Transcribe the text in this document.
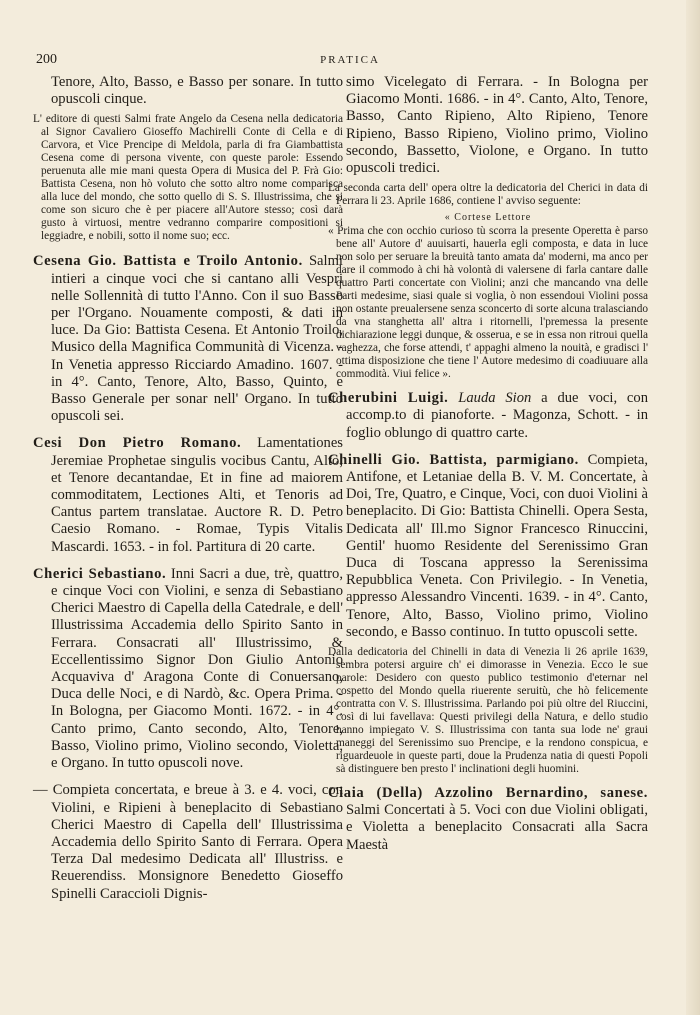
200	PRATICA

Tenore, Alto, Basso, e Basso per sonare. In tutto opuscoli cinque.

L' editore di questi Salmi frate Angelo da Cesena nella dedicatoria al Signor Cavaliero Gioseffo Machirelli Conte di Cella e di Carvora, et Vice Prencipe di Meldola, parla di fra Giambattista Cesena come di persona vivente, con queste parole: Essendo peruenuta alle mie mani questa Opera di Musica del P. Frà Gio: Battista Cesena, non hò voluto che sotto altro nome comparisca alla luce del mondo, che sotto quello di S. S. Illustrissima, che si come son sicuro che è per piacere all'Autore stesso; così darà gusto à virtuosi, mentre vedranno comparire compositioni si leggiadre, e nobili, sotto il nome suo; ecc.

Cesena Gio. Battista e Troilo Antonio. Salmi intieri a cinque voci che si cantano alli Vespri nelle Sollennità di tutto l'Anno. Con il suo Basso per l'Organo. Nouamente composti, & dati in luce. Da Gio: Battista Cesena. Et Antonio Troilo, Musico della Magnifica Communità di Vicenza. - In Venetia appresso Ricciardo Amadino. 1607. - in 4°. Canto, Tenore, Alto, Basso, Quinto, e Basso Generale per sonar nell' Organo. In tutto opuscoli sei.

Cesi Don Pietro Romano. Lamentationes Jeremiae Prophetae singulis vocibus Cantu, Alto, et Tenore decantandae, Et in fine ad maiorem commoditatem, Lectiones Alti, et Tenoris ad Cantus partem translatae. Auctore R. D. Petro Caesio Romano. - Romae, Typis Vitalis Mascardi. 1653. - in fol. Partitura di 20 carte.

Cherici Sebastiano. Inni Sacri a due, trè, quattro, e cinque Voci con Violini, e senza di Sebastiano Cherici Maestro di Capella della Catedrale, e dell' Illustrissima Accademia dello Spirito Santo in Ferrara. Consacrati all' Illustrissimo, & Eccellentissimo Signor Don Giulio Antonio Acquaviva d' Aragona Conte di Conuersano, Duca delle Noci, e di Nardò, &c. Opera Prima. - In Bologna, per Giacomo Monti. 1672. - in 4°. Canto primo, Canto secondo, Alto, Tenore, Basso, Violino primo, Violino secondo, Violetta, e Organo. In tutto opuscoli nove.

— Compieta concertata, e breue à 3. e 4. voci, con Violini, e Ripieni à beneplacito di Sebastiano Cherici Maestro di Capella dell' Illustrissima Accademia dello Spirito Santo di Ferrara. Opera Terza Dal medesimo Dedicata all' Illustriss. e Reuerendiss. Monsignore Benedetto Gioseffo Spinelli Caraccioli Dignis-

simo Vicelegato di Ferrara. - In Bologna per Giacomo Monti. 1686. - in 4°. Canto, Alto, Tenore, Basso, Canto Ripieno, Alto Ripieno, Tenore Ripieno, Basso Ripieno, Violino primo, Violino secondo, Bassetto, Violone, e Organo. In tutto opuscoli tredici.

La seconda carta dell' opera oltre la dedicatoria del Cherici in data di Ferrara li 23. Aprile 1686, contiene l' avviso seguente:

« Cortese Lettore

« Prima che con occhio curioso tù scorra la presente Operetta è parso bene all' Autore d' auuisarti, hauerla egli composta, e data in luce non solo per seruare la breuità tanto amata da' moderni, ma anco per dare il commodo à chi hà volontà di valersene di farla cantare dalle quattro Parti concertate con Violini; anzi che mancando vna delle Parti medesime, siasi quale si voglia, ò non essendoui Violini possa non ostante preualersene senza sconcerto di sorte alcuna tralasciando da vna stanghetta all' altra i ritornelli, l'premessa la presente dichiarazione leggi dunque, & osserua, e se in essa non ritroui quella vaghezza, che forse attendi, t' appaghi almeno la nouità, e gradisci l' ottima disposizione che tiene l' Autore medesimo di coadiuuare alla commodità. Viui felice ».

Cherubini Luigi. Lauda Sion a due voci, con accomp.to di pianoforte. - Magonza, Schott. - in foglio oblungo di quattro carte.

Chinelli Gio. Battista, parmigiano. Compieta, Antifone, et Letaniae della B. V. M. Concertate, à Doi, Tre, Quatro, e Cinque, Voci, con duoi Violini à beneplacito. Di Gio: Battista Chinelli. Opera Sesta, Dedicata all' Ill.mo Signor Francesco Rinuccini, Gentil' huomo Residente del Serenissimo Gran Duca di Toscana appresso la Serenissima Repubblica Veneta. Con Privilegio. - In Venetia, appresso Alessandro Vincenti. 1639. - in 4°. Canto, Tenore, Alto, Basso, Violino primo, Violino secondo, e Basso continuo. In tutto opuscoli sette.

Dalla dedicatoria del Chinelli in data di Venezia li 26 aprile 1639, sembra potersi arguire ch' ei dimorasse in Venezia. Ecco le sue parole: Desidero con questo publico testimonio d'eternar nel cospetto del Mondo quella riuerente seruitù, che hò felicemente contratta con V. S. Illustrissima. Parlando poi più oltre del Riuccini, così di lui favellava: Questi privilegi della Natura, e dello studio hanno impiegato V. S. Illustrissima con tanta sua lode ne' graui maneggi del Serenissimo suo Prencipe, e la rendono conspicua, e riguardeuole in queste parti, doue la Prudenza natia di questi Popoli sà distinguere ben presto l' inclinationi degli huomini.

Ciaia (Della) Azzolino Bernardino, sanese. Salmi Concertati à 5. Voci con due Violini obligati, e Violetta a beneplacito Consacrati alla Sacra Maestà
